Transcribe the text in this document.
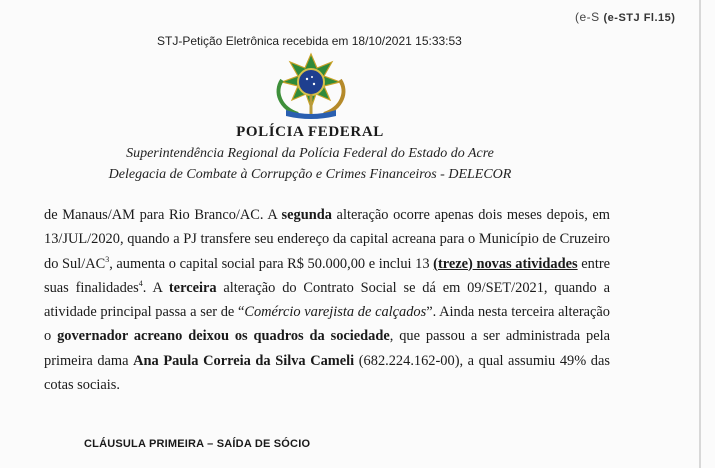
(e-S (e-STJ Fl.15)
STJ-Petição Eletrônica recebida em 18/10/2021 15:33:53
POLÍCIA FEDERAL
Superintendência Regional da Polícia Federal do Estado do Acre
Delegacia de Combate à Corrupção e Crimes Financeiros - DELECOR
de Manaus/AM para Rio Branco/AC. A segunda alteração ocorre apenas dois meses depois, em 13/JUL/2020, quando a PJ transfere seu endereço da capital acreana para o Município de Cruzeiro do Sul/$AC^3$, aumenta o capital social para R$ 50.000,00 e inclui 13 (treze) novas atividades entre suas finalidades$^4$. A terceira alteração do Contrato Social se dá em 09/SET/2021, quando a atividade principal passa a ser de “Comércio varejista de calçados”. Ainda nesta terceira alteração o governador acreano deixou os quadros da sociedade, que passou a ser administrada pela primeira dama Ana Paula Correia da Silva Cameli (682.224.162-00), a qual assumiu 49% das cotas sociais.
CLÁUSULA PRIMEIRA – SAÍDA DE SÓCIO
